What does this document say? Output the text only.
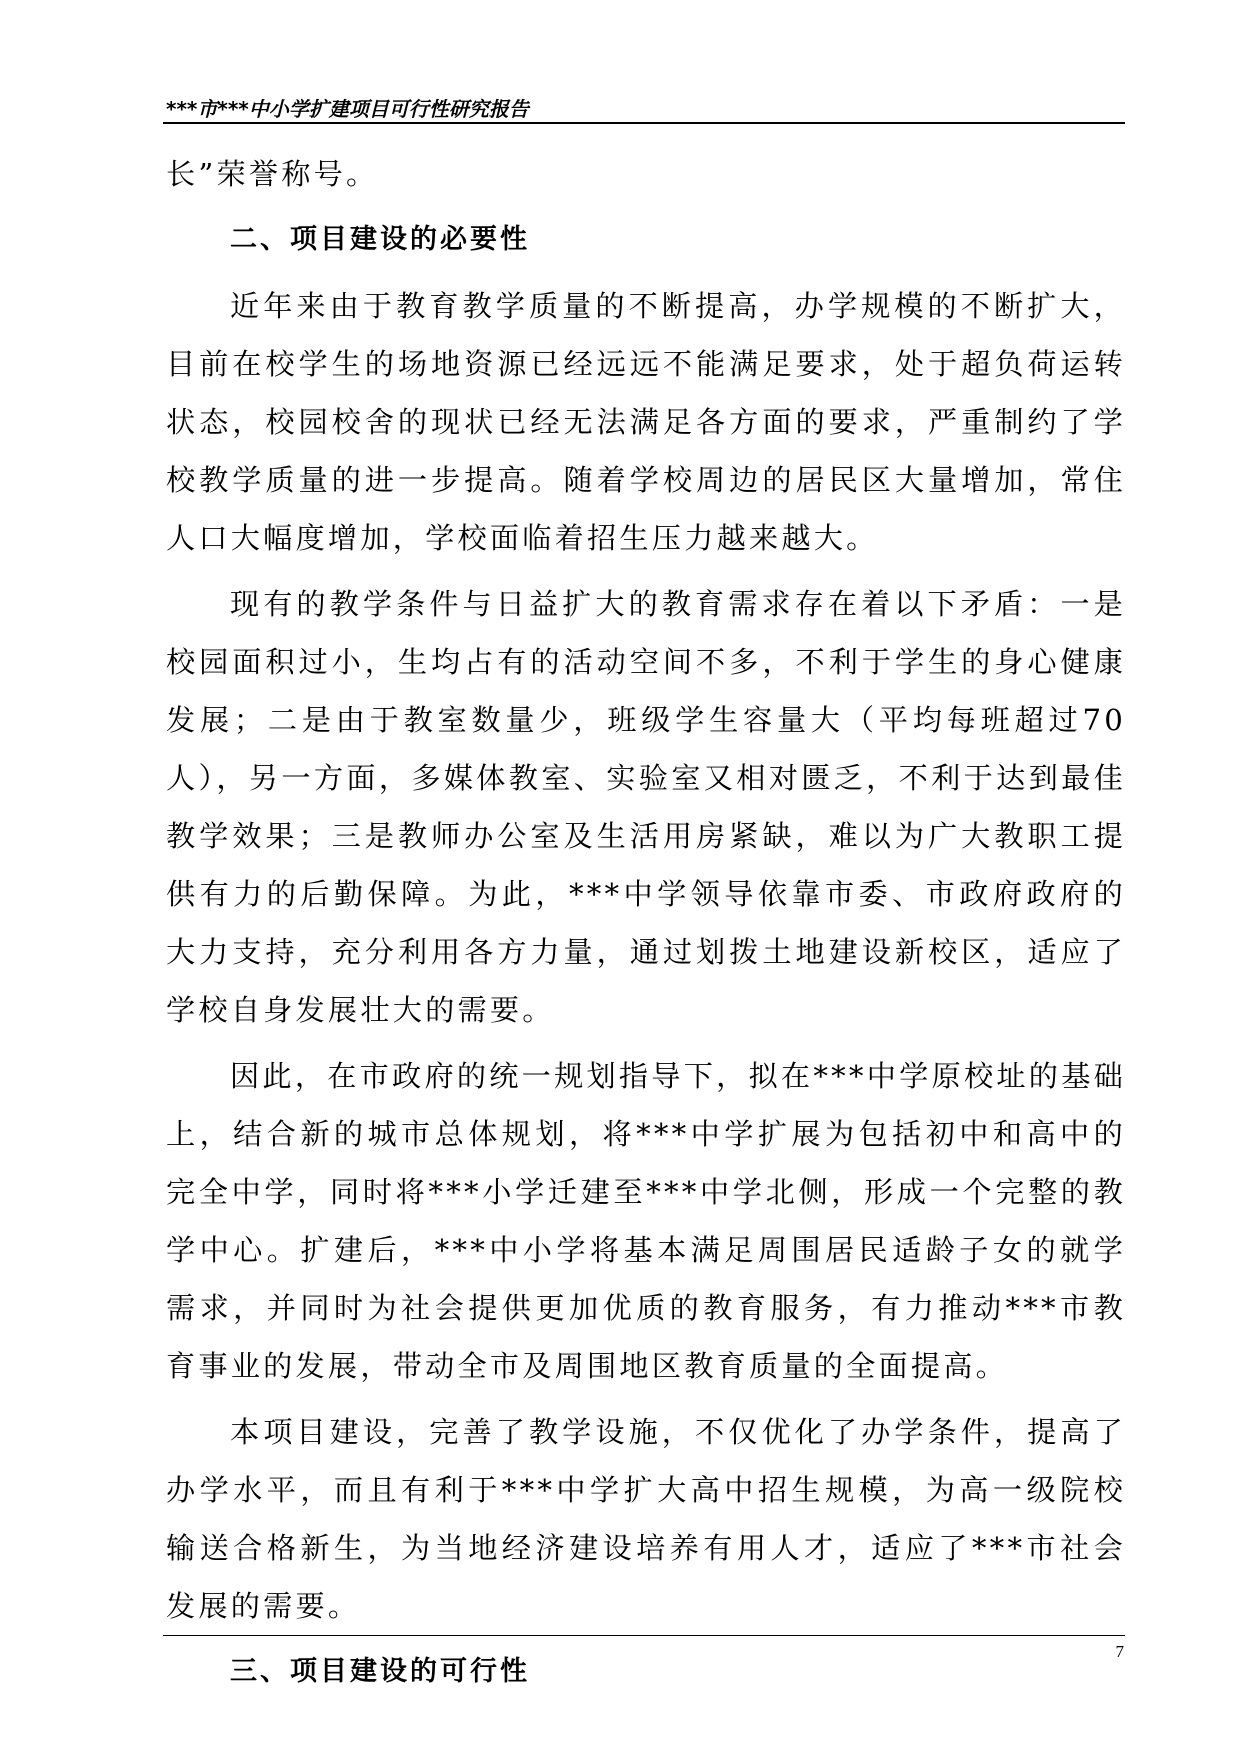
***市***中小学扩建项目可行性研究报告

长”荣誉称号。

二、项目建设的必要性

近年来由于教育教学质量的不断提高，办学规模的不断扩大，目前在校学生的场地资源已经远远不能满足要求，处于超负荷运转状态，校园校舍的现状已经无法满足各方面的要求，严重制约了学校教学质量的进一步提高。随着学校周边的居民区大量增加，常住人口大幅度增加，学校面临着招生压力越来越大。

现有的教学条件与日益扩大的教育需求存在着以下矛盾：一是校园面积过小，生均占有的活动空间不多，不利于学生的身心健康发展；二是由于教室数量少，班级学生容量大（平均每班超过70人），另一方面，多媒体教室、实验室又相对匮乏，不利于达到最佳教学效果；三是教师办公室及生活用房紧缺，难以为广大教职工提供有力的后勤保障。为此，***中学领导依靠市委、市政府政府的大力支持，充分利用各方力量，通过划拨土地建设新校区，适应了学校自身发展壮大的需要。

因此，在市政府的统一规划指导下，拟在***中学原校址的基础上，结合新的城市总体规划，将***中学扩展为包括初中和高中的完全中学，同时将***小学迁建至***中学北侧，形成一个完整的教学中心。扩建后，***中小学将基本满足周围居民适龄子女的就学需求，并同时为社会提供更加优质的教育服务，有力推动***市教育事业的发展，带动全市及周围地区教育质量的全面提高。

本项目建设，完善了教学设施，不仅优化了办学条件，提高了办学水平，而且有利于***中学扩大高中招生规模，为高一级院校输送合格新生，为当地经济建设培养有用人才，适应了***市社会发展的需要。

三、项目建设的可行性
7
